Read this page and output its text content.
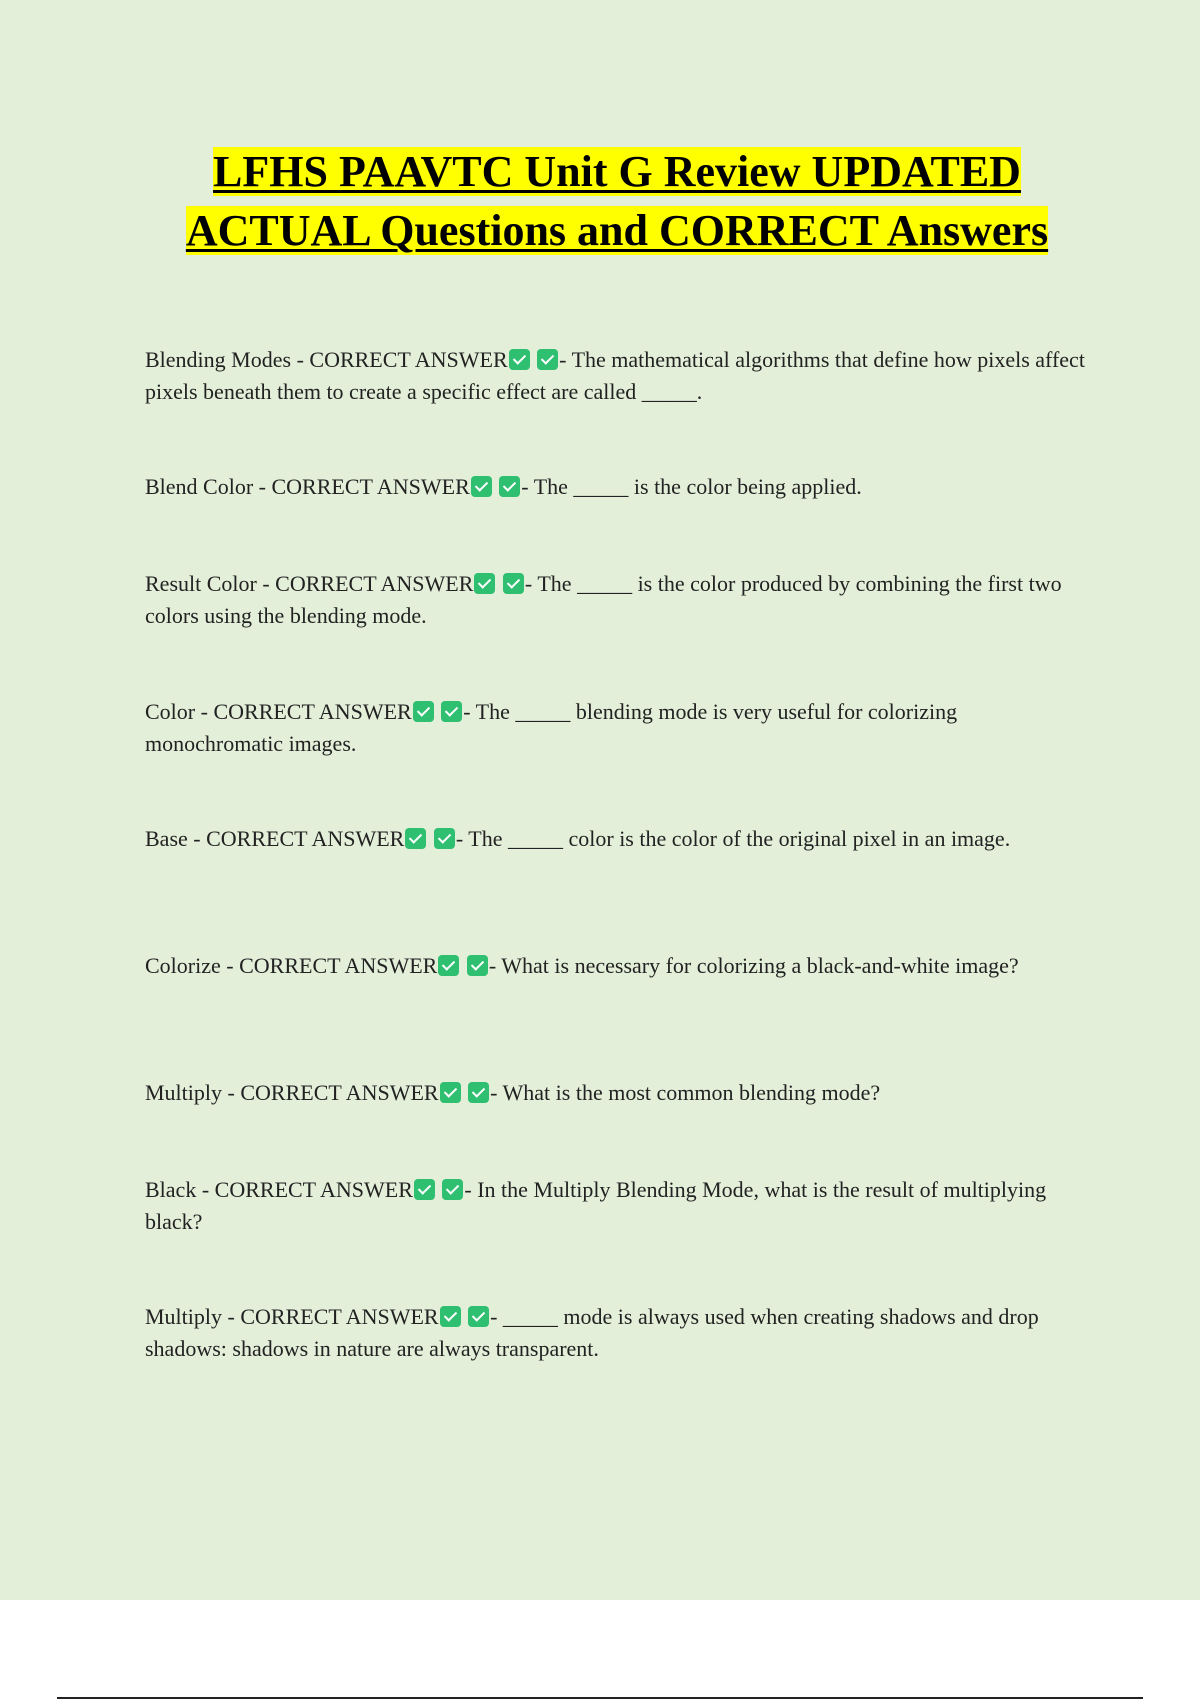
LFHS PAAVTC Unit G Review UPDATED ACTUAL Questions and CORRECT Answers

Blending Modes - CORRECT ANSWER - The mathematical algorithms that define how pixels affect pixels beneath them to create a specific effect are called _____.

Blend Color - CORRECT ANSWER - The _____ is the color being applied.

Result Color - CORRECT ANSWER - The _____ is the color produced by combining the first two colors using the blending mode.

Color - CORRECT ANSWER - The _____ blending mode is very useful for colorizing monochromatic images.

Base - CORRECT ANSWER - The _____ color is the color of the original pixel in an image.

Colorize - CORRECT ANSWER - What is necessary for colorizing a black-and-white image?

Multiply - CORRECT ANSWER - What is the most common blending mode?

Black - CORRECT ANSWER - In the Multiply Blending Mode, what is the result of multiplying black?

Multiply - CORRECT ANSWER - _____ mode is always used when creating shadows and drop shadows: shadows in nature are always transparent.
